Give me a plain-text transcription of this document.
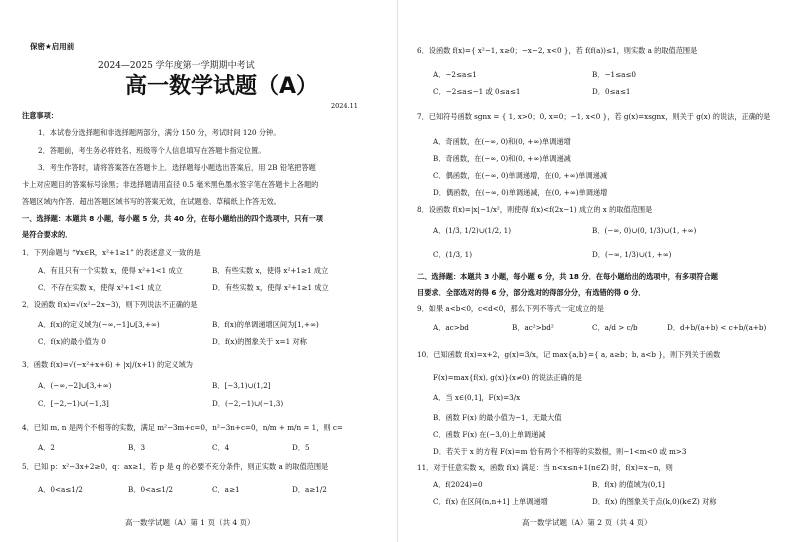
保密★启用前
2024—2025 学年度第一学期期中考试
高一数学试题（A）
2024.11
注意事项：
1．本试卷分选择题和非选择题两部分，满分 150 分，考试时间 120 分钟。
2．答题前，考生务必将姓名、班级等个人信息填写在答题卡指定位置。
3．考生作答时，请将答案答在答题卡上．选择题每小题选出答案后，用 2B 铅笔把答题
卡上对应题目的答案标号涂黑；非选择题请用直径 0.5 毫米黑色墨水签字笔在答题卡上各题的
答题区域内作答．超出答题区域书写的答案无效，在试题卷、草稿纸上作答无效。
一、选择题：本题共 8 小题，每小题 5 分，共 40 分，在每小题给出的四个选项中，只有一项
是符合要求的．
1．下列命题与 “∀x∈R，x²+1≥1” 的表述意义一致的是
A．有且只有一个实数 x，使得 x²+1<1 成立	B．有些实数 x，使得 x²+1≥1 成立
C．不存在实数 x，使得 x²+1<1 成立	D．有些实数 x，使得 x²+1≥1 成立
2．设函数 f(x)=√(x²−2x−3)，则下列说法不正确的是
A．f(x)的定义域为(−∞,−1]∪[3,+∞)	B．f(x)的单调递增区间为[1,+∞)
C．f(x)的最小值为 0	D．f(x)的图象关于 x=1 对称
3．函数 f(x)=√(−x²+x+6) + |x|/(x+1) 的定义域为
A．(−∞,−2]∪[3,+∞)	B．[−3,1)∪(1,2]
C．[−2,−1)∪(−1,3]	D．(−2,−1)∪(−1,3)
4．已知 m, n 是两个不相等的实数，满足 m²−3m+c=0，n²−3n+c=0，n/m + m/n = 1，则 c=
A．2	B．3	C．4	D．5
5．已知 p：x²−3x+2≥0，q：ax≥1，若 p 是 q 的必要不充分条件，则正实数 a 的取值范围是
A．0<a≤1/2	B．0<a≤1/2	C．a≥1	D．a≥1/2
高一数学试题（A）第 1 页（共 4 页）
6．设函数 f(x)={ x²−1, x≥0；−x−2, x<0 }，若 f(f(a))≤1，则实数 a 的取值范围是
A．−2≤a≤1	B．−1≤a≤0
C．−2≤a≤−1 或 0≤a≤1	D．0≤a≤1
7．已知符号函数 sgnx = { 1, x>0；0, x=0；−1, x<0 }，若 g(x)=xsgnx，则关于 g(x) 的说法，正确的是
A．奇函数，在(−∞, 0)和(0, +∞)单调递增
B．奇函数，在(−∞, 0)和(0, +∞)单调递减
C．偶函数，在(−∞, 0)单调递增，在(0, +∞)单调递减
D．偶函数，在(−∞, 0)单调递减，在(0, +∞)单调递增
8．设函数 f(x)=|x|−1/x²，则使得 f(x)<f(2x−1) 成立的 x 的取值范围是
A．(1/3, 1/2)∪(1/2, 1)	B．(−∞, 0)∪(0, 1/3)∪(1, +∞)
C．(1/3, 1)	D．(−∞, 1/3)∪(1, +∞)
二、选择题：本题共 3 小题，每小题 6 分，共 18 分．在每小题给出的选项中，有多项符合题
目要求．全部选对的得 6 分，部分选对的得部分分，有选错的得 0 分．
9．如果 a<b<0，c<d<0，那么下列不等式一定成立的是
A．ac>bd	B．ac²>bd²	C．a/d > c/b	D．d+b/(a+b) < c+b/(a+b)
10．已知函数 f(x)=x+2，g(x)=3/x，记 max{a,b}={ a, a≥b；b, a<b }，则下列关于函数
F(x)=max{f(x), g(x)}(x≠0) 的说法正确的是
A．当 x∈(0,1]，F(x)=3/x
B．函数 F(x) 的最小值为−1，无最大值
C．函数 F(x) 在(−3,0)上单调递减
D．若关于 x 的方程 F(x)=m 恰有两个不相等的实数根，则−1<m<0 或 m>3
11．对于任意实数 x，函数 f(x) 满足：当 n<x≤n+1(n∈Z) 时，f(x)=x−n，则
A．f(2024)=0	B．f(x) 的值域为(0,1]
C．f(x) 在区间(n,n+1] 上单调递增	D．f(x) 的图象关于点(k,0)(k∈Z) 对称
高一数学试题（A）第 2 页（共 4 页）
